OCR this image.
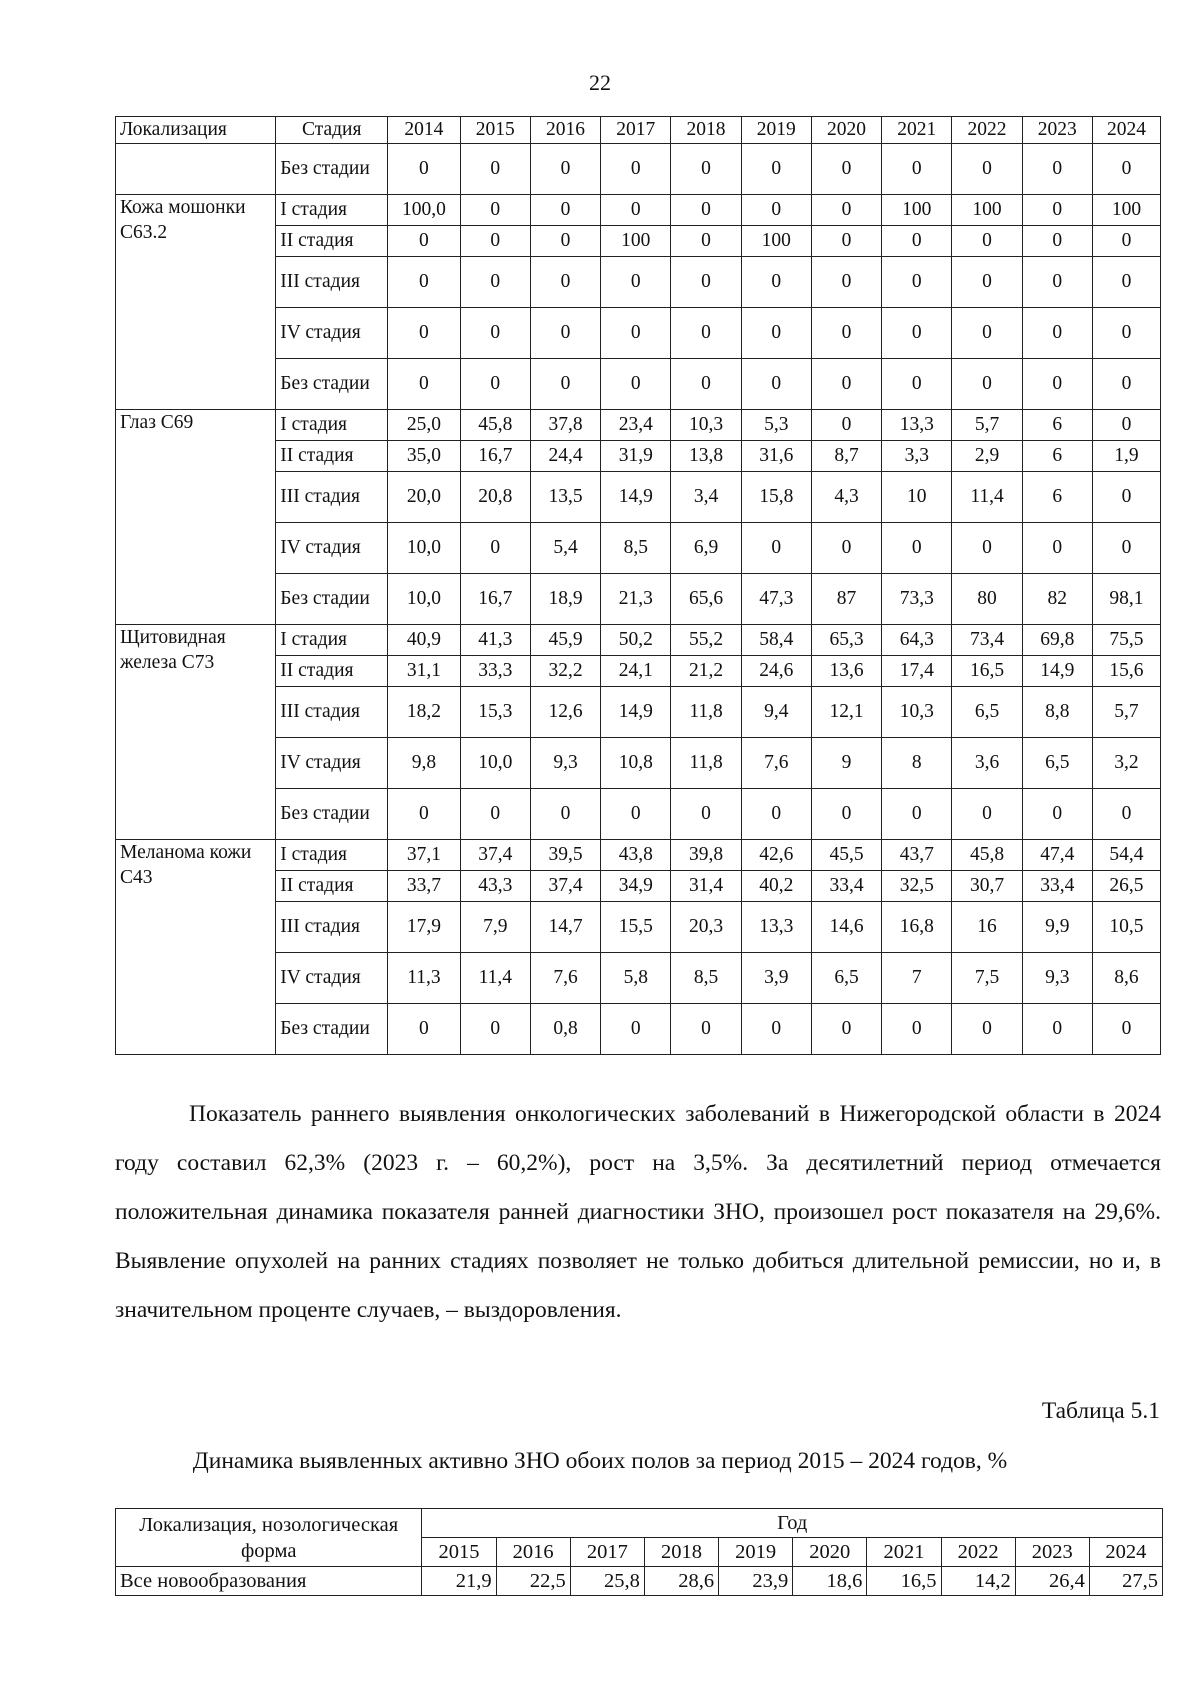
22
Локализация	Стадия	2014	2015	2016	2017	2018	2019	2020	2021	2022	2023	2024
	Без стадии	0	0	0	0	0	0	0	0	0	0	0
Кожа мошонки C63.2	I стадия	100,0	0	0	0	0	0	0	100	100	0	100
	II стадия	0	0	0	100	0	100	0	0	0	0	0
	III стадия	0	0	0	0	0	0	0	0	0	0	0
	IV стадия	0	0	0	0	0	0	0	0	0	0	0
	Без стадии	0	0	0	0	0	0	0	0	0	0	0
Глаз C69	I стадия	25,0	45,8	37,8	23,4	10,3	5,3	0	13,3	5,7	6	0
	II стадия	35,0	16,7	24,4	31,9	13,8	31,6	8,7	3,3	2,9	6	1,9
	III стадия	20,0	20,8	13,5	14,9	3,4	15,8	4,3	10	11,4	6	0
	IV стадия	10,0	0	5,4	8,5	6,9	0	0	0	0	0	0
	Без стадии	10,0	16,7	18,9	21,3	65,6	47,3	87	73,3	80	82	98,1
Щитовидная железа C73	I стадия	40,9	41,3	45,9	50,2	55,2	58,4	65,3	64,3	73,4	69,8	75,5
	II стадия	31,1	33,3	32,2	24,1	21,2	24,6	13,6	17,4	16,5	14,9	15,6
	III стадия	18,2	15,3	12,6	14,9	11,8	9,4	12,1	10,3	6,5	8,8	5,7
	IV стадия	9,8	10,0	9,3	10,8	11,8	7,6	9	8	3,6	6,5	3,2
	Без стадии	0	0	0	0	0	0	0	0	0	0	0
Меланома кожи C43	I стадия	37,1	37,4	39,5	43,8	39,8	42,6	45,5	43,7	45,8	47,4	54,4
	II стадия	33,7	43,3	37,4	34,9	31,4	40,2	33,4	32,5	30,7	33,4	26,5
	III стадия	17,9	7,9	14,7	15,5	20,3	13,3	14,6	16,8	16	9,9	10,5
	IV стадия	11,3	11,4	7,6	5,8	8,5	3,9	6,5	7	7,5	9,3	8,6
	Без стадии	0	0	0,8	0	0	0	0	0	0	0	0

Показатель раннего выявления онкологических заболеваний в Нижегородской области в 2024 году составил 62,3% (2023 г. – 60,2%), рост на 3,5%. За десятилетний период отмечается положительная динамика показателя ранней диагностики ЗНО, произошел рост показателя на 29,6%. Выявление опухолей на ранних стадиях позволяет не только добиться длительной ремиссии, но и, в значительном проценте случаев, – выздоровления.

Таблица 5.1
Динамика выявленных активно ЗНО обоих полов за период 2015 – 2024 годов, %
Локализация, нозологическая форма	Год									
	2015	2016	2017	2018	2019	2020	2021	2022	2023	2024
Все новообразования	21,9	22,5	25,8	28,6	23,9	18,6	16,5	14,2	26,4	27,5
